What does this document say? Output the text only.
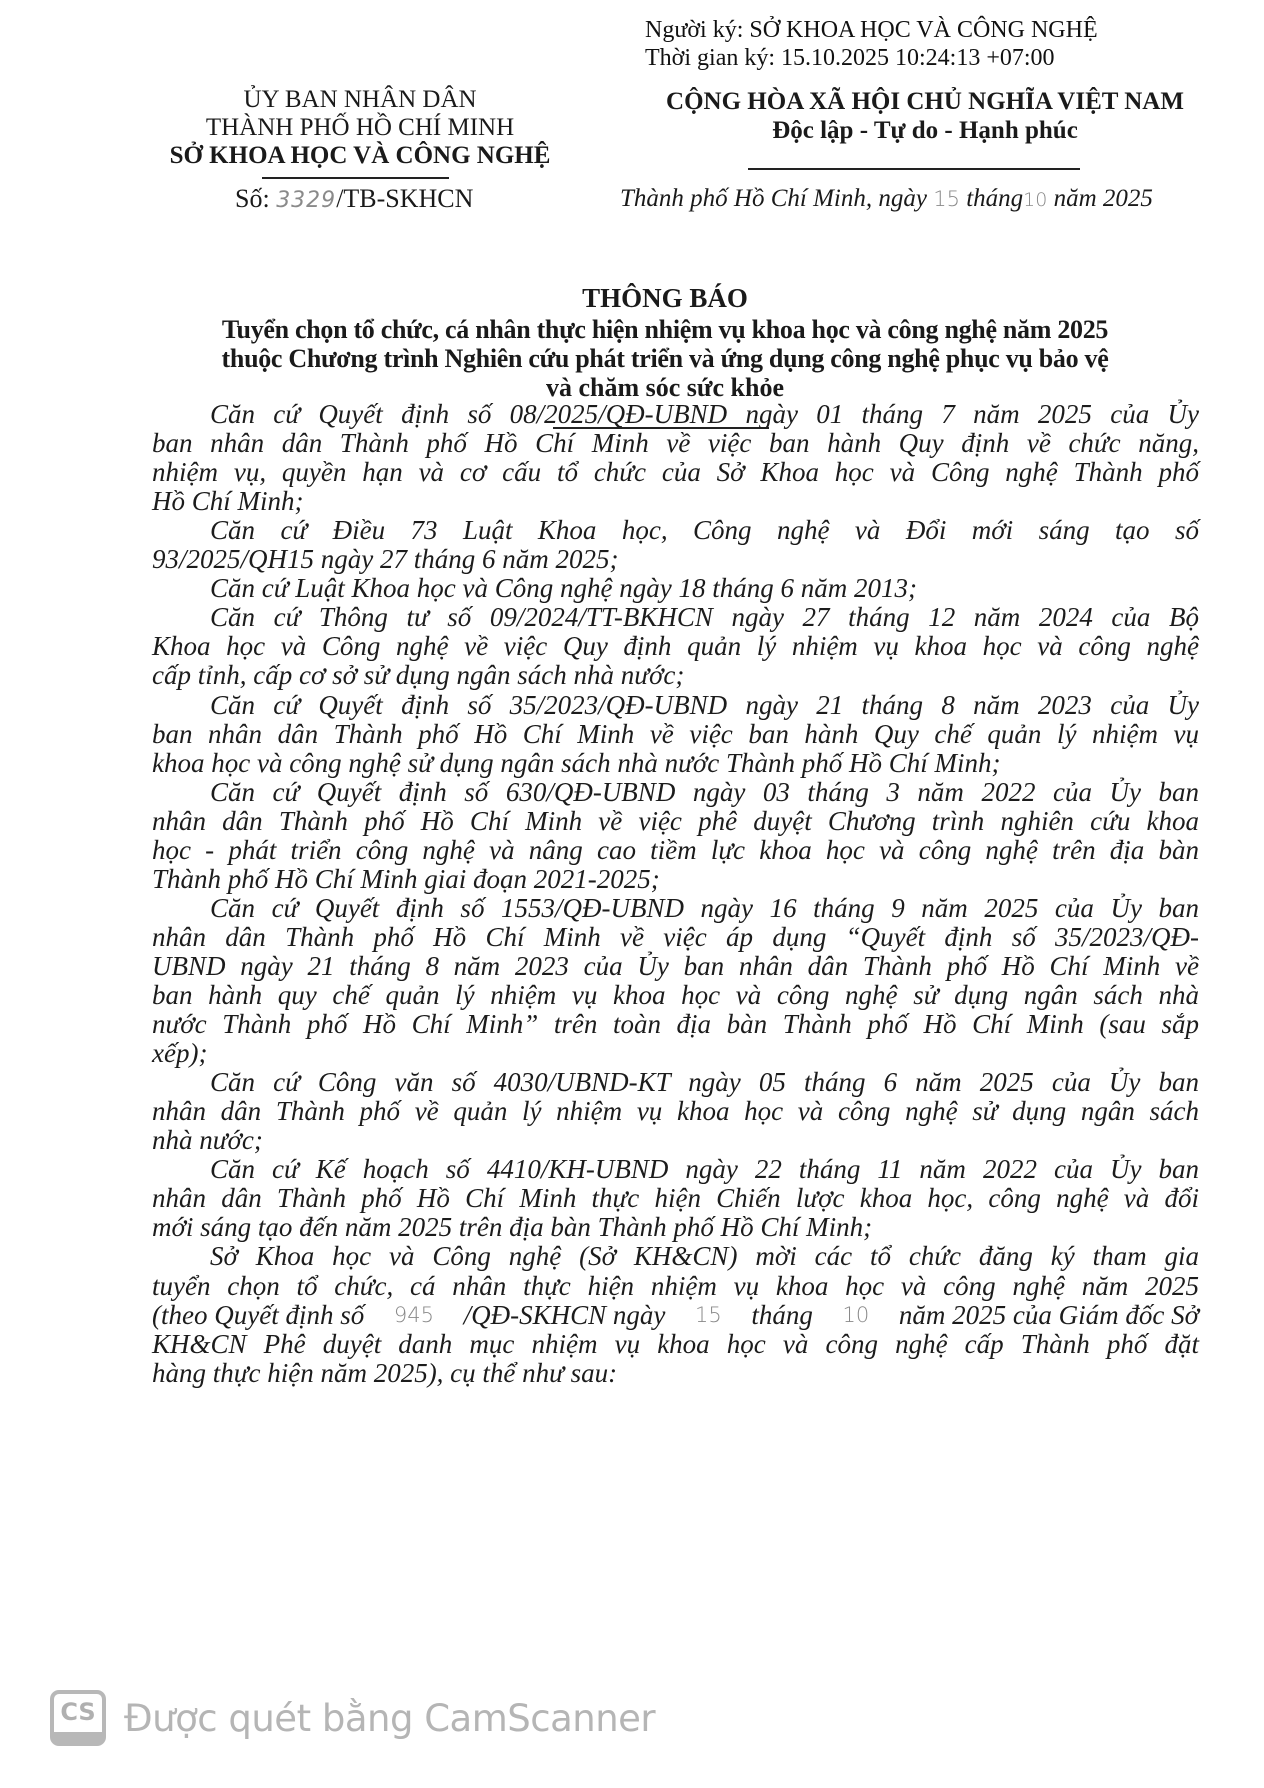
Người ký: SỞ KHOA HỌC VÀ CÔNG NGHỆ
Thời gian ký: 15.10.2025 10:24:13 +07:00
ỦY BAN NHÂN DÂN
THÀNH PHỐ HỒ CHÍ MINH
SỞ KHOA HỌC VÀ CÔNG NGHỆ
Số: 3329/TB-SKHCN
CỘNG HÒA XÃ HỘI CHỦ NGHĨA VIỆT NAM
Độc lập - Tự do - Hạnh phúc
Thành phố Hồ Chí Minh, ngày 15 tháng10 năm 2025
THÔNG BÁO
Tuyển chọn tổ chức, cá nhân thực hiện nhiệm vụ khoa học và công nghệ năm 2025
thuộc Chương trình Nghiên cứu phát triển và ứng dụng công nghệ phục vụ bảo vệ
và chăm sóc sức khỏe
Căn cứ Quyết định số 08/2025/QĐ-UBND ngày 01 tháng 7 năm 2025 của Ủy
ban nhân dân Thành phố Hồ Chí Minh về việc ban hành Quy định về chức năng,
nhiệm vụ, quyền hạn và cơ cấu tổ chức của Sở Khoa học và Công nghệ Thành phố
Hồ Chí Minh;
Căn cứ Điều 73 Luật Khoa học, Công nghệ và Đổi mới sáng tạo số
93/2025/QH15 ngày 27 tháng 6 năm 2025;
Căn cứ Luật Khoa học và Công nghệ ngày 18 tháng 6 năm 2013;
Căn cứ Thông tư số 09/2024/TT-BKHCN ngày 27 tháng 12 năm 2024 của Bộ
Khoa học và Công nghệ về việc Quy định quản lý nhiệm vụ khoa học và công nghệ
cấp tỉnh, cấp cơ sở sử dụng ngân sách nhà nước;
Căn cứ Quyết định số 35/2023/QĐ-UBND ngày 21 tháng 8 năm 2023 của Ủy
ban nhân dân Thành phố Hồ Chí Minh về việc ban hành Quy chế quản lý nhiệm vụ
khoa học và công nghệ sử dụng ngân sách nhà nước Thành phố Hồ Chí Minh;
Căn cứ Quyết định số 630/QĐ-UBND ngày 03 tháng 3 năm 2022 của Ủy ban
nhân dân Thành phố Hồ Chí Minh về việc phê duyệt Chương trình nghiên cứu khoa
học - phát triển công nghệ và nâng cao tiềm lực khoa học và công nghệ trên địa bàn
Thành phố Hồ Chí Minh giai đoạn 2021-2025;
Căn cứ Quyết định số 1553/QĐ-UBND ngày 16 tháng 9 năm 2025 của Ủy ban
nhân dân Thành phố Hồ Chí Minh về việc áp dụng “Quyết định số 35/2023/QĐ-
UBND ngày 21 tháng 8 năm 2023 của Ủy ban nhân dân Thành phố Hồ Chí Minh về
ban hành quy chế quản lý nhiệm vụ khoa học và công nghệ sử dụng ngân sách nhà
nước Thành phố Hồ Chí Minh” trên toàn địa bàn Thành phố Hồ Chí Minh (sau sắp
xếp);
Căn cứ Công văn số 4030/UBND-KT ngày 05 tháng 6 năm 2025 của Ủy ban
nhân dân Thành phố về quản lý nhiệm vụ khoa học và công nghệ sử dụng ngân sách
nhà nước;
Căn cứ Kế hoạch số 4410/KH-UBND ngày 22 tháng 11 năm 2022 của Ủy ban
nhân dân Thành phố Hồ Chí Minh thực hiện Chiến lược khoa học, công nghệ và đổi
mới sáng tạo đến năm 2025 trên địa bàn Thành phố Hồ Chí Minh;
Sở Khoa học và Công nghệ (Sở KH&CN) mời các tổ chức đăng ký tham gia
tuyển chọn tổ chức, cá nhân thực hiện nhiệm vụ khoa học và công nghệ năm 2025
(theo Quyết định số 945 /QĐ-SKHCN ngày 15 tháng 10 năm 2025 của Giám đốc Sở
KH&CN Phê duyệt danh mục nhiệm vụ khoa học và công nghệ cấp Thành phố đặt
hàng thực hiện năm 2025), cụ thể như sau:
CS Được quét bằng CamScanner
